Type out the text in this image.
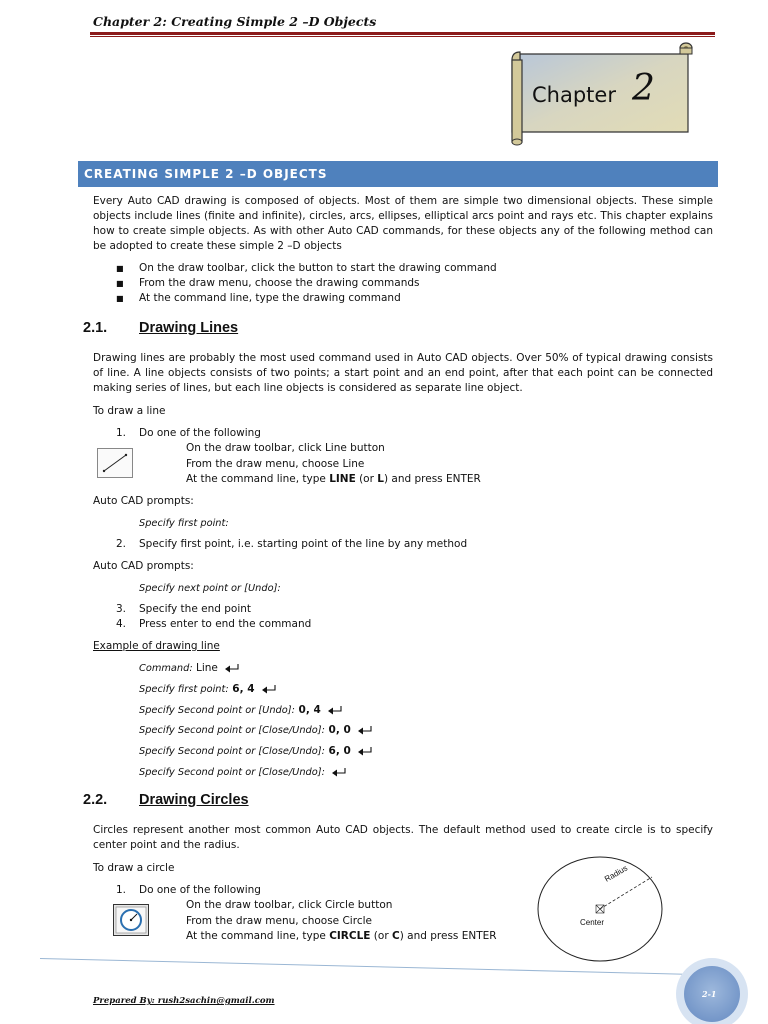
Chapter 2: Creating Simple 2 –D Objects
Chapter 2
CREATING SIMPLE 2 –D OBJECTS
Every Auto CAD drawing is composed of objects. Most of them are simple two dimensional objects. These simple objects include lines (finite and infinite), circles, arcs, ellipses, elliptical arcs point and rays etc. This chapter explains how to create simple objects. As with other Auto CAD commands, for these objects any of the following method can be adopted to create these simple 2 –D objects
■ On the draw toolbar, click the button to start the drawing command
■ From the draw menu, choose the drawing commands
■ At the command line, type the drawing command
2.1. Drawing Lines
Drawing lines are probably the most used command used in Auto CAD objects. Over 50% of typical drawing consists of line. A line objects consists of two points; a start point and an end point, after that each point can be connected making series of lines, but each line objects is considered as separate line object.
To draw a line
1. Do one of the following
On the draw toolbar, click Line button
From the draw menu, choose Line
At the command line, type LINE (or L) and press ENTER
Auto CAD prompts:
Specify first point:
2. Specify first point, i.e. starting point of the line by any method
Auto CAD prompts:
Specify next point or [Undo]:
3. Specify the end point
4. Press enter to end the command
Example of drawing line
Command: Line
Specify first point: 6, 4
Specify Second point or [Undo]: 0, 4
Specify Second point or [Close/Undo]: 0, 0
Specify Second point or [Close/Undo]: 6, 0
Specify Second point or [Close/Undo]:
2.2. Drawing Circles
Circles represent another most common Auto CAD objects. The default method used to create circle is to specify center point and the radius.
To draw a circle
1. Do one of the following
On the draw toolbar, click Circle button
From the draw menu, choose Circle
At the command line, type CIRCLE (or C) and press ENTER
Radius
Center
Prepared By: rush2sachin@gmail.com
2-1
